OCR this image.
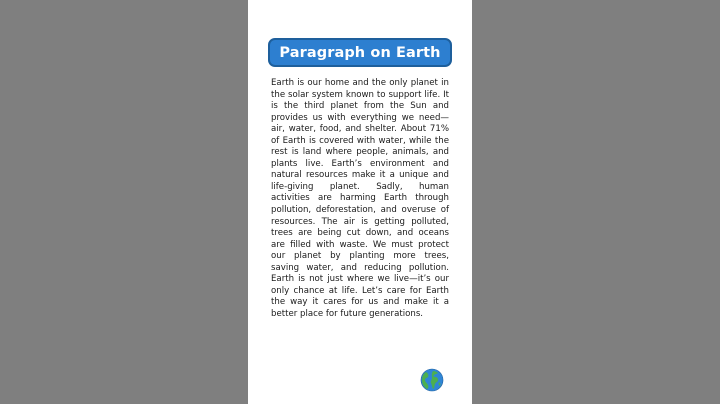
Paragraph on Earth

Earth is our home and the only planet in the solar system known to support life. It is the third planet from the Sun and provides us with everything we need—air, water, food, and shelter. About 71% of Earth is covered with water, while the rest is land where people, animals, and plants live. Earth’s environment and natural resources make it a unique and life-giving planet. Sadly, human activities are harming Earth through pollution, deforestation, and overuse of resources. The air is getting polluted, trees are being cut down, and oceans are filled with waste. We must protect our planet by planting more trees, saving water, and reducing pollution. Earth is not just where we live—it’s our only chance at life. Let’s care for Earth the way it cares for us and make it a better place for future generations.
